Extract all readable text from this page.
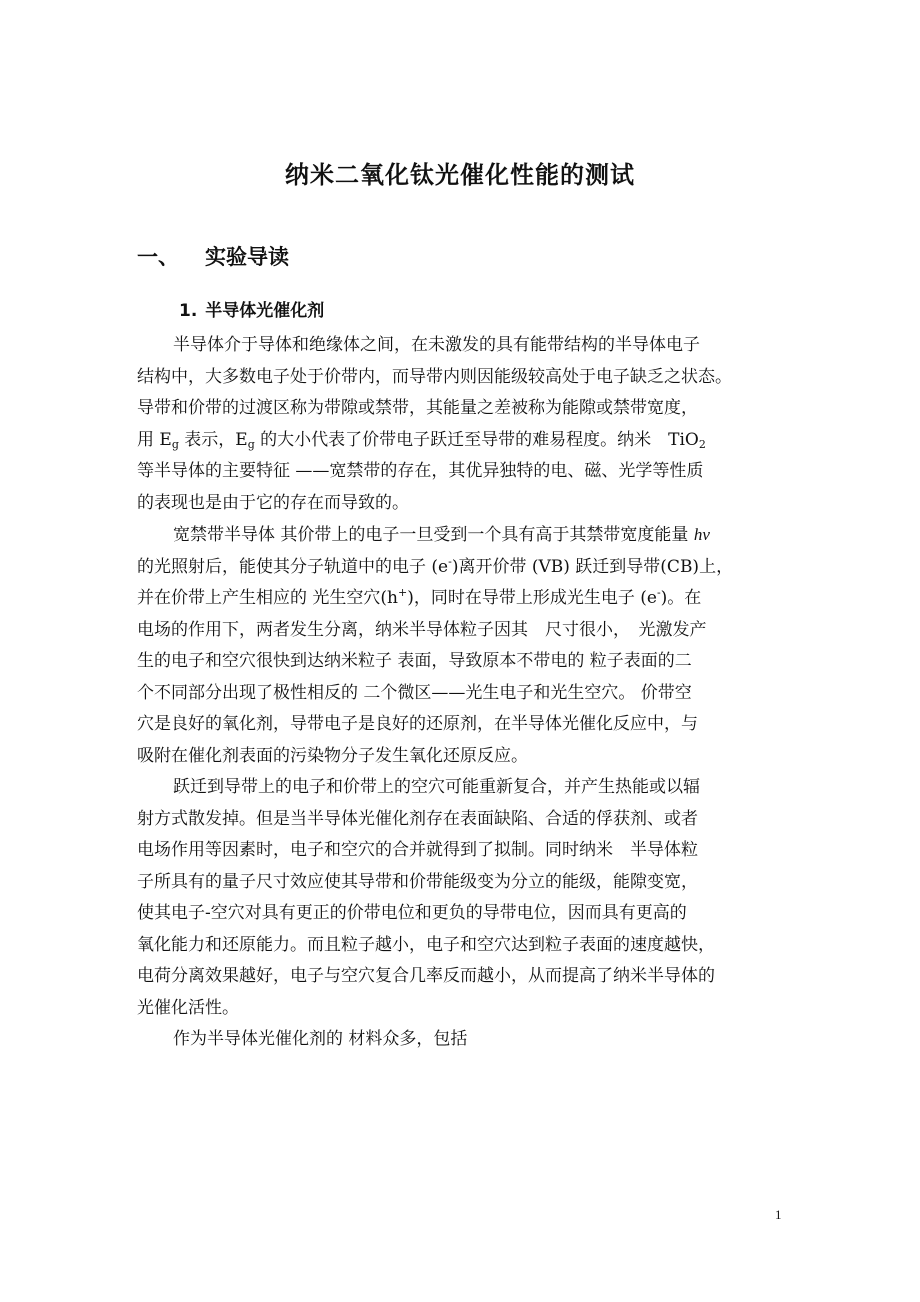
纳米二氧化钛光催化性能的测试
一、 实验导读
1. 半导体光催化剂

半导体介于导体和绝缘体之间，在未激发的具有能带结构的半导体电子
结构中，大多数电子处于价带内，而导带内则因能级较高处于电子缺乏之状态。
导带和价带的过渡区称为带隙或禁带，其能量之差被称为能隙或禁带宽度，
用 $E_g$ 表示，$E_g$ 的大小代表了价带电子跃迁至导带的难易程度。纳米　TiO$_2$
等半导体的主要特征 ——宽禁带的存在，其优异独特的电、磁、光学等性质
的表现也是由于它的存在而导致的。

宽禁带半导体 其价带上的电子一旦受到一个具有高于其禁带宽度能量 hv
的光照射后，能使其分子轨道中的电子 (e-)离开价带 (VB) 跃迁到导带(CB)上，
并在价带上产生相应的 光生空穴(h+)，同时在导带上形成光生电子 (e-)。在
电场的作用下，两者发生分离，纳米半导体粒子因其　尺寸很小，　光激发产
生的电子和空穴很快到达纳米粒子 表面，导致原本不带电的 粒子表面的二
个不同部分出现了极性相反的 二个微区——光生电子和光生空穴。 价带空
穴是良好的氧化剂，导带电子是良好的还原剂，在半导体光催化反应中，与
吸附在催化剂表面的污染物分子发生氧化还原反应。

跃迁到导带上的电子和价带上的空穴可能重新复合，并产生热能或以辐
射方式散发掉。但是当半导体光催化剂存在表面缺陷、合适的俘获剂、或者
电场作用等因素时，电子和空穴的合并就得到了拟制。同时纳米　半导体粒
子所具有的量子尺寸效应使其导带和价带能级变为分立的能级，能隙变宽，
使其电子-空穴对具有更正的价带电位和更负的导带电位，因而具有更高的
氧化能力和还原能力。而且粒子越小，电子和空穴达到粒子表面的速度越快，
电荷分离效果越好，电子与空穴复合几率反而越小，从而提高了纳米半导体的
光催化活性。

作为半导体光催化剂的 材料众多，包括

1
